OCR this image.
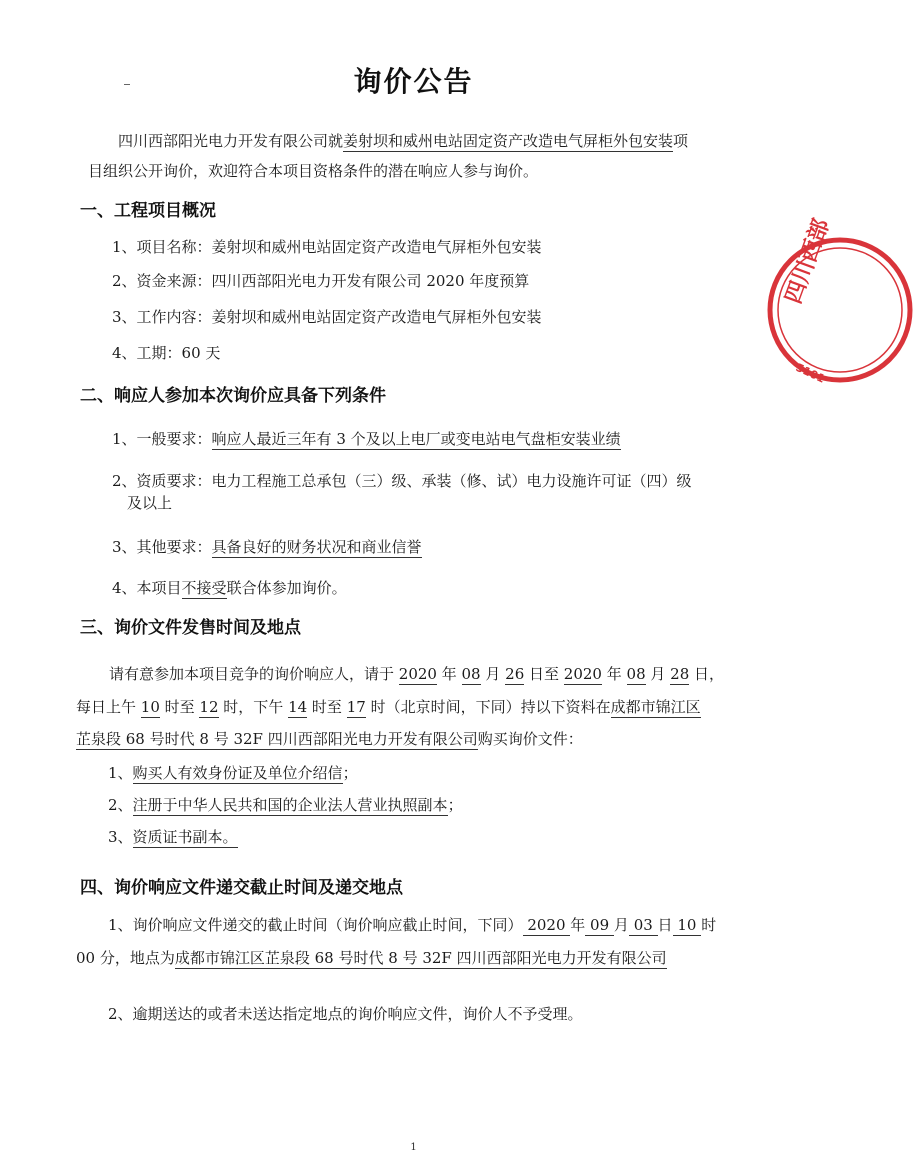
询价公告
四川西部阳光电力开发有限公司就姜射坝和威州电站固定资产改造电气屏柜外包安装项
目组织公开询价，欢迎符合本项目资格条件的潜在响应人参与询价。
一、工程项目概况
1、项目名称：姜射坝和威州电站固定资产改造电气屏柜外包安装
2、资金来源：四川西部阳光电力开发有限公司 2020 年度预算
3、工作内容：姜射坝和威州电站固定资产改造电气屏柜外包安装
4、工期：60 天
二、响应人参加本次询价应具备下列条件
1、一般要求：响应人最近三年有 3 个及以上电厂或变电站电气盘柜安装业绩
2、资质要求：电力工程施工总承包（三）级、承装（修、试）电力设施许可证（四）级
及以上
3、其他要求：具备良好的财务状况和商业信誉
4、本项目不接受联合体参加询价。
三、询价文件发售时间及地点
请有意参加本项目竞争的询价响应人，请于 2020 年 08 月 26 日至 2020 年 08 月 28 日，
每日上午 10 时至 12 时，下午 14 时至 17 时（北京时间，下同）持以下资料在成都市锦江区
芷泉段 68 号时代 8 号 32F 四川西部阳光电力开发有限公司购买询价文件：
1、购买人有效身份证及单位介绍信；
2、注册于中华人民共和国的企业法人营业执照副本；
3、资质证书副本。
四、询价响应文件递交截止时间及递交地点
1、询价响应文件递交的截止时间（询价响应截止时间，下同） 2020 年 09 月 03 日 10 时
00 分，地点为成都市锦江区芷泉段 68 号时代 8 号 32F 四川西部阳光电力开发有限公司
2、逾期送达的或者未送达指定地点的询价响应文件，询价人不予受理。
四川西部
5101
1
